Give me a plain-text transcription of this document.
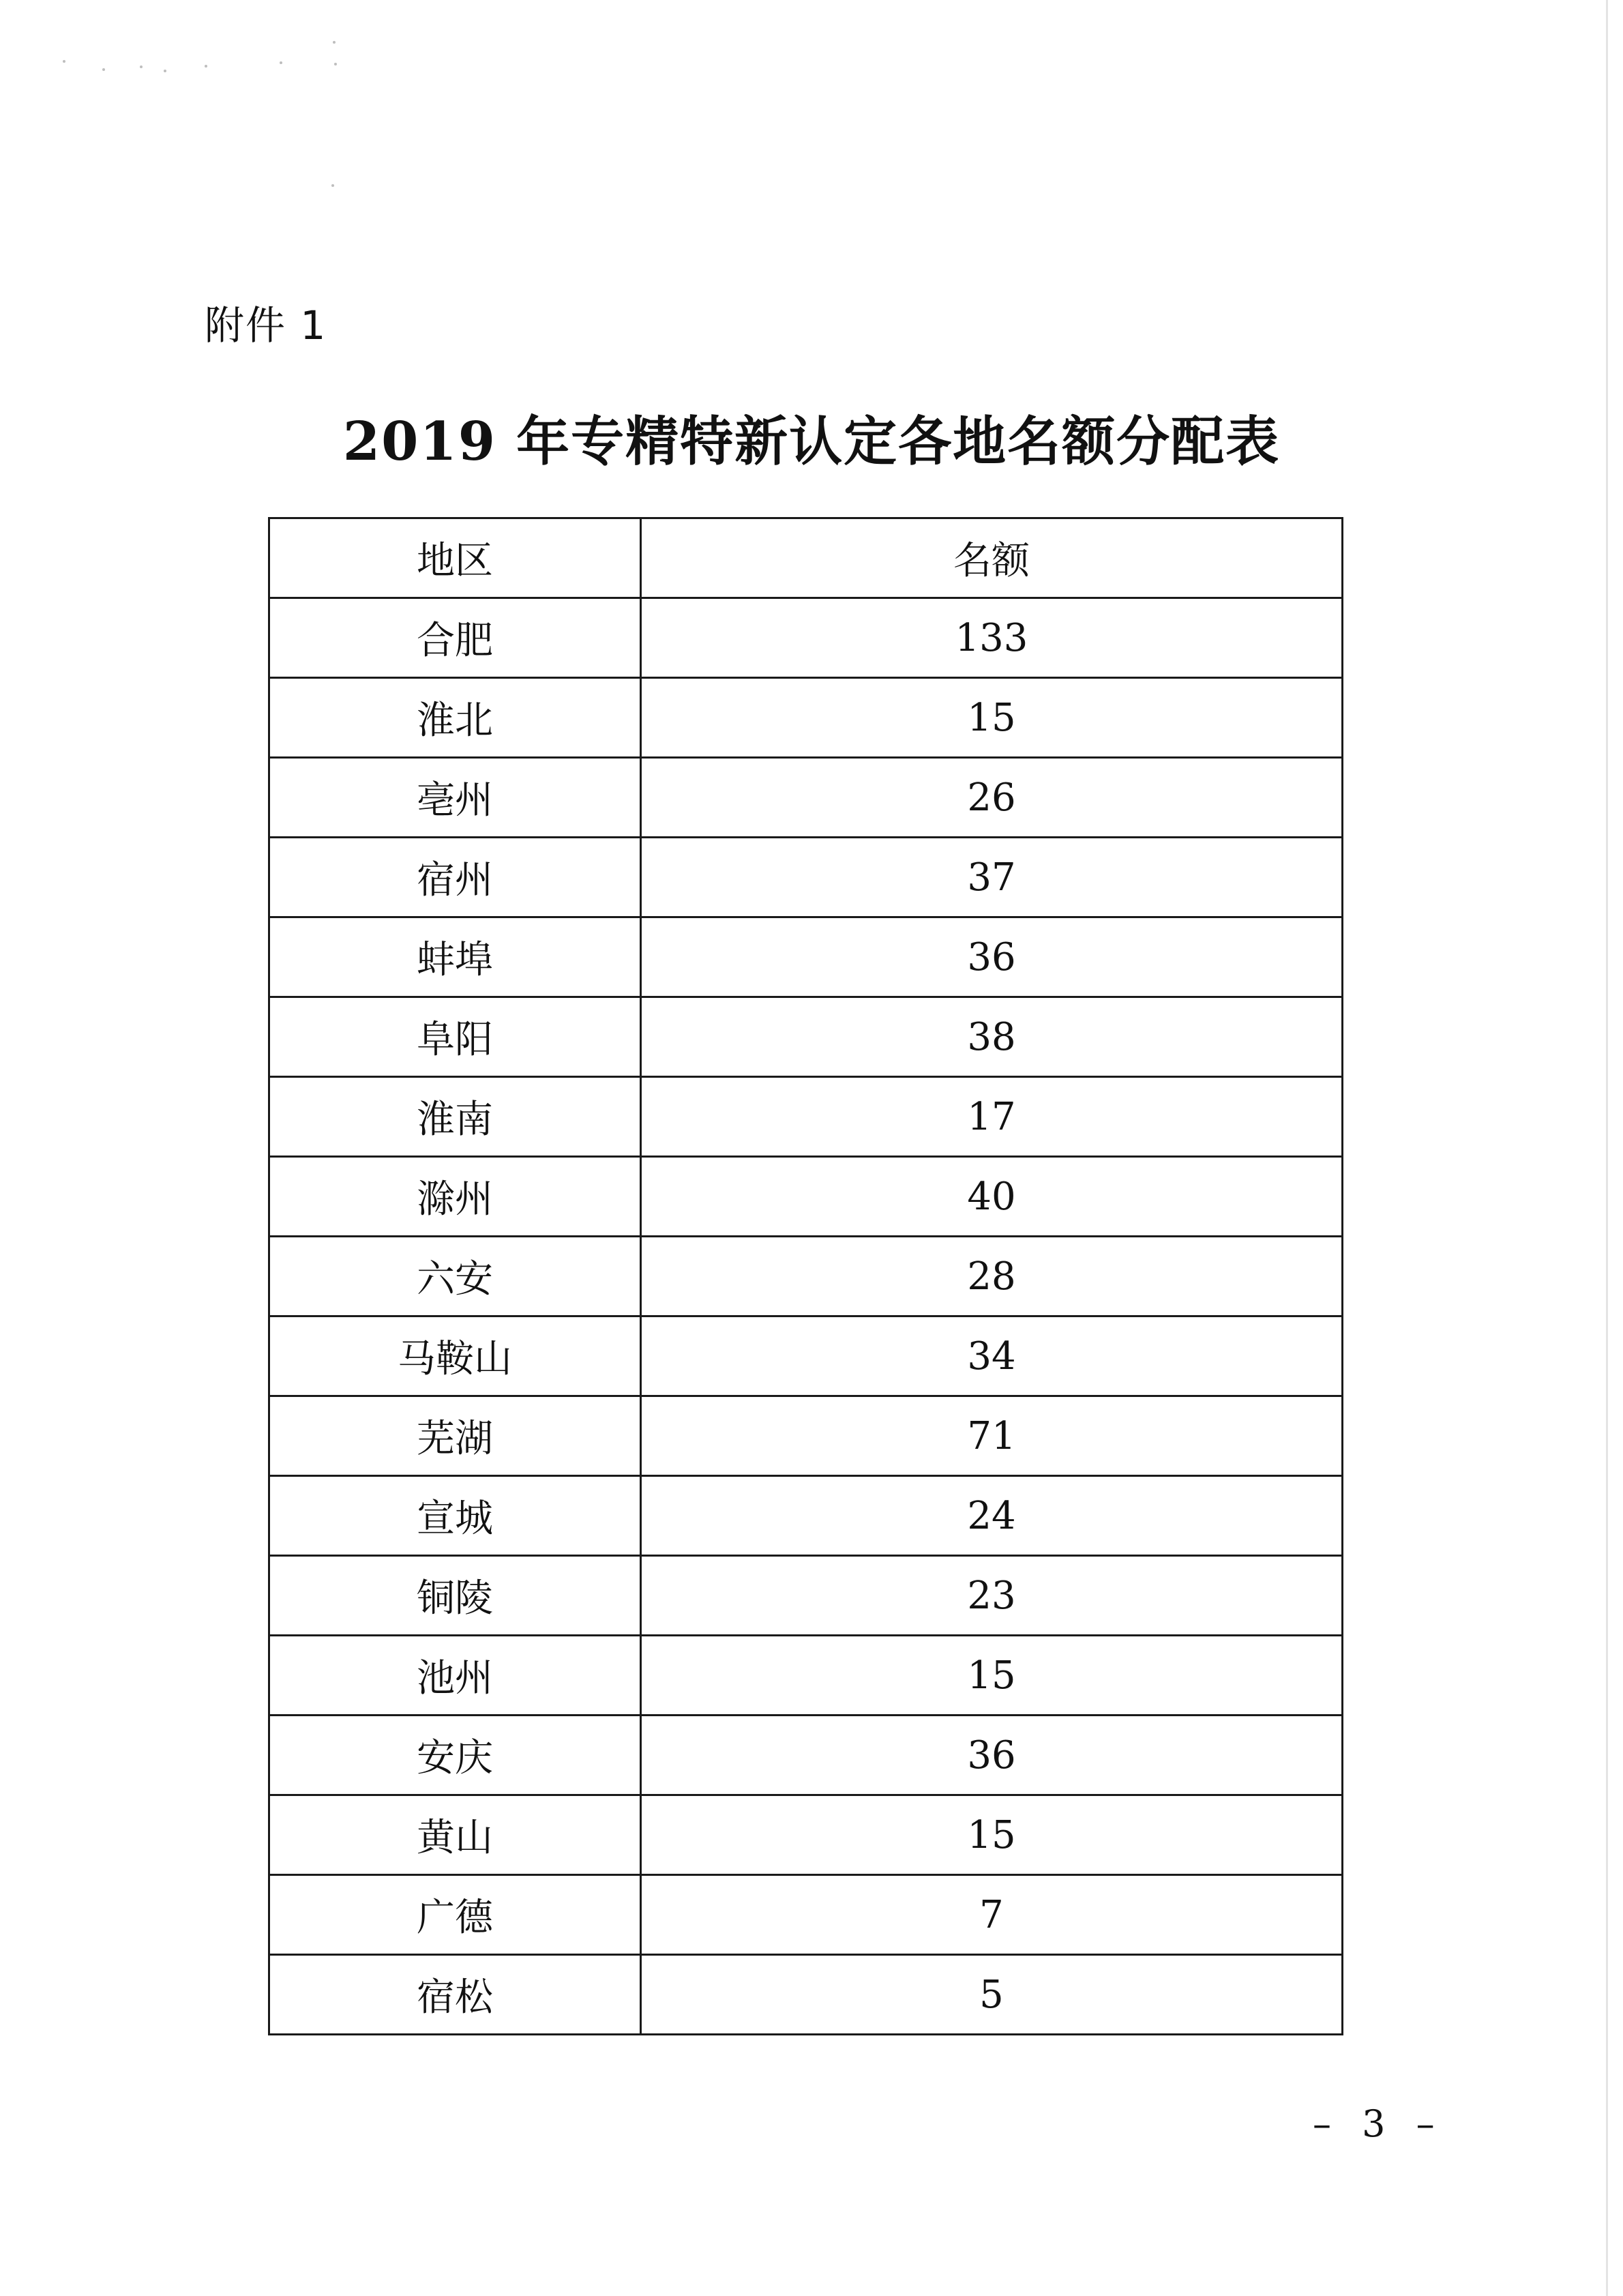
附件 1
2019 年专精特新认定各地名额分配表
地区	名额
合肥	133
淮北	15
亳州	26
宿州	37
蚌埠	36
阜阳	38
淮南	17
滁州	40
六安	28
马鞍山	34
芜湖	71
宣城	24
铜陵	23
池州	15
安庆	36
黄山	15
广德	7
宿松	5
– 3 –
